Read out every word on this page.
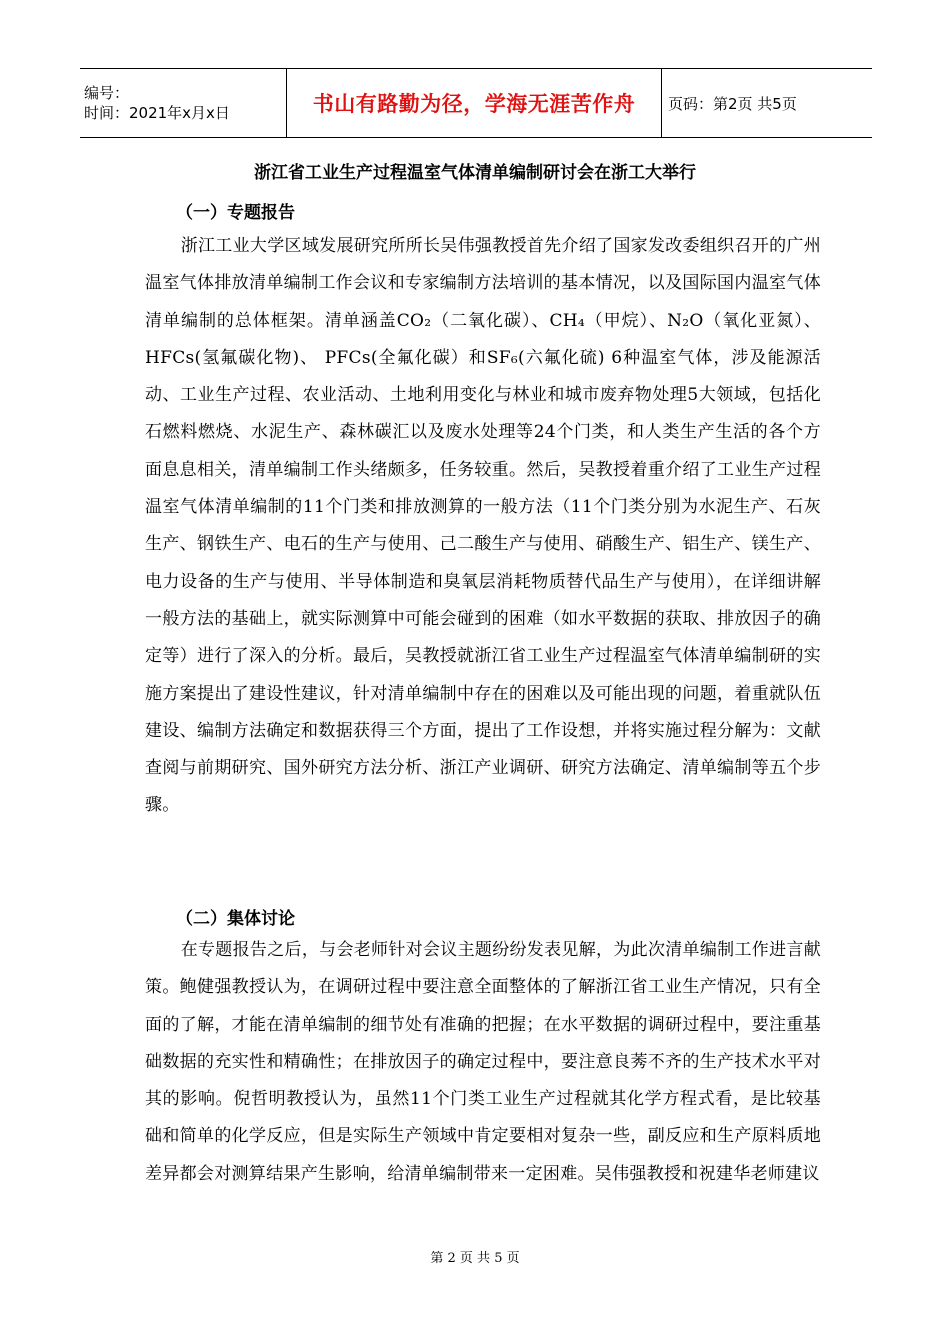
编号：
时间：2021年x月x日	书山有路勤为径，学海无涯苦作舟 页码：第2页 共5页
浙江省工业生产过程温室气体清单编制研讨会在浙工大举行
（一）专题报告

浙江工业大学区域发展研究所所长吴伟强教授首先介绍了国家发改委组织召开的广州温室气体排放清单编制工作会议和专家编制方法培训的基本情况，以及国际国内温室气体清单编制的总体框架。清单涵盖CO₂（二氧化碳）、CH₄（甲烷）、N₂O（氧化亚氮）、HFCs(氢氟碳化物)、 PFCs(全氟化碳）和SF₆(六氟化硫) 6种温室气体，涉及能源活动、工业生产过程、农业活动、土地利用变化与林业和城市废弃物处理5大领域，包括化石燃料燃烧、水泥生产、森林碳汇以及废水处理等24个门类，和人类生产生活的各个方面息息相关，清单编制工作头绪颇多，任务较重。然后，吴教授着重介绍了工业生产过程温室气体清单编制的11个门类和排放测算的一般方法（11个门类分别为水泥生产、石灰生产、钢铁生产、电石的生产与使用、己二酸生产与使用、硝酸生产、铝生产、镁生产、电力设备的生产与使用、半导体制造和臭氧层消耗物质替代品生产与使用），在详细讲解一般方法的基础上，就实际测算中可能会碰到的困难（如水平数据的获取、排放因子的确定等）进行了深入的分析。最后，吴教授就浙江省工业生产过程温室气体清单编制研的实施方案提出了建设性建议，针对清单编制中存在的困难以及可能出现的问题，着重就队伍建设、编制方法确定和数据获得三个方面，提出了工作设想，并将实施过程分解为：文献查阅与前期研究、国外研究方法分析、浙江产业调研、研究方法确定、清单编制等五个步骤。

（二）集体讨论

在专题报告之后，与会老师针对会议主题纷纷发表见解，为此次清单编制工作进言献策。鲍健强教授认为，在调研过程中要注意全面整体的了解浙江省工业生产情况，只有全面的了解，才能在清单编制的细节处有准确的把握；在水平数据的调研过程中，要注重基础数据的充实性和精确性；在排放因子的确定过程中，要注意良莠不齐的生产技术水平对其的影响。倪哲明教授认为，虽然11个门类工业生产过程就其化学方程式看，是比较基础和简单的化学反应，但是实际生产领域中肯定要相对复杂一些，副反应和生产原料质地差异都会对测算结果产生影响，给清单编制带来一定困难。吴伟强教授和祝建华老师建议

第 2 页 共 5 页
